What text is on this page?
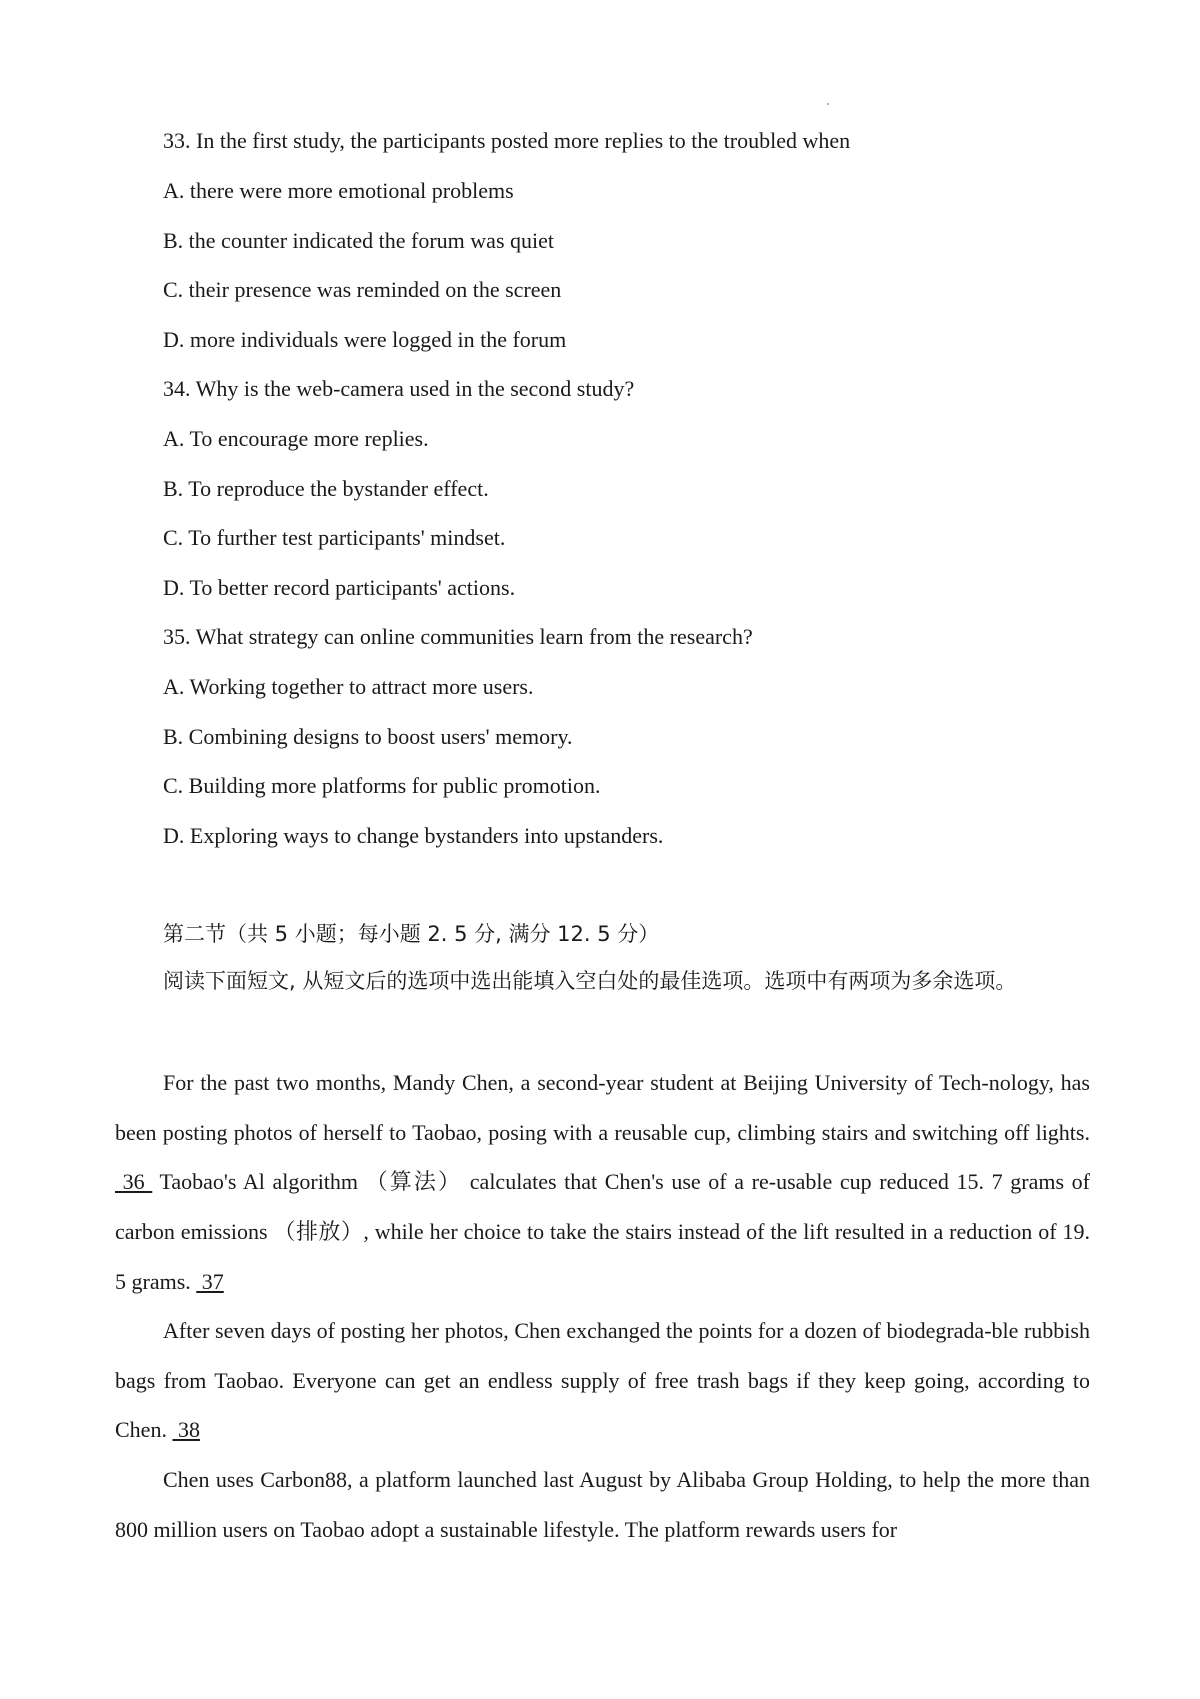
33. In the first study, the participants posted more replies to the troubled when
A. there were more emotional problems
B. the counter indicated the forum was quiet
C. their presence was reminded on the screen
D. more individuals were logged in the forum
34. Why is the web-camera used in the second study?
A. To encourage more replies.
B. To reproduce the bystander effect.
C. To further test participants' mindset.
D. To better record participants' actions.
35. What strategy can online communities learn from the research?
A. Working together to attract more users.
B. Combining designs to boost users' memory.
C. Building more platforms for public promotion.
D. Exploring ways to change bystanders into upstanders.
第二节（共 5 小题；每小题 2. 5 分, 满分 12. 5 分）
阅读下面短文, 从短文后的选项中选出能填入空白处的最佳选项。选项中有两项为多余选项。
For the past two months, Mandy Chen, a second-year student at Beijing University of Tech-nology, has been posting photos of herself to Taobao, posing with a reusable cup, climbing stairs and switching off lights.  36  Taobao's Al algorithm （算法） calculates that Chen's use of a re-usable cup reduced 15. 7 grams of carbon emissions （排放）, while her choice to take the stairs instead of the lift resulted in a reduction of 19. 5 grams.  37
After seven days of posting her photos, Chen exchanged the points for a dozen of biodegrada-ble rubbish bags from Taobao. Everyone can get an endless supply of free trash bags if they keep going, according to Chen.  38
Chen uses Carbon88, a platform launched last August by Alibaba Group Holding, to help the more than 800 million users on Taobao adopt a sustainable lifestyle. The platform rewards users for
